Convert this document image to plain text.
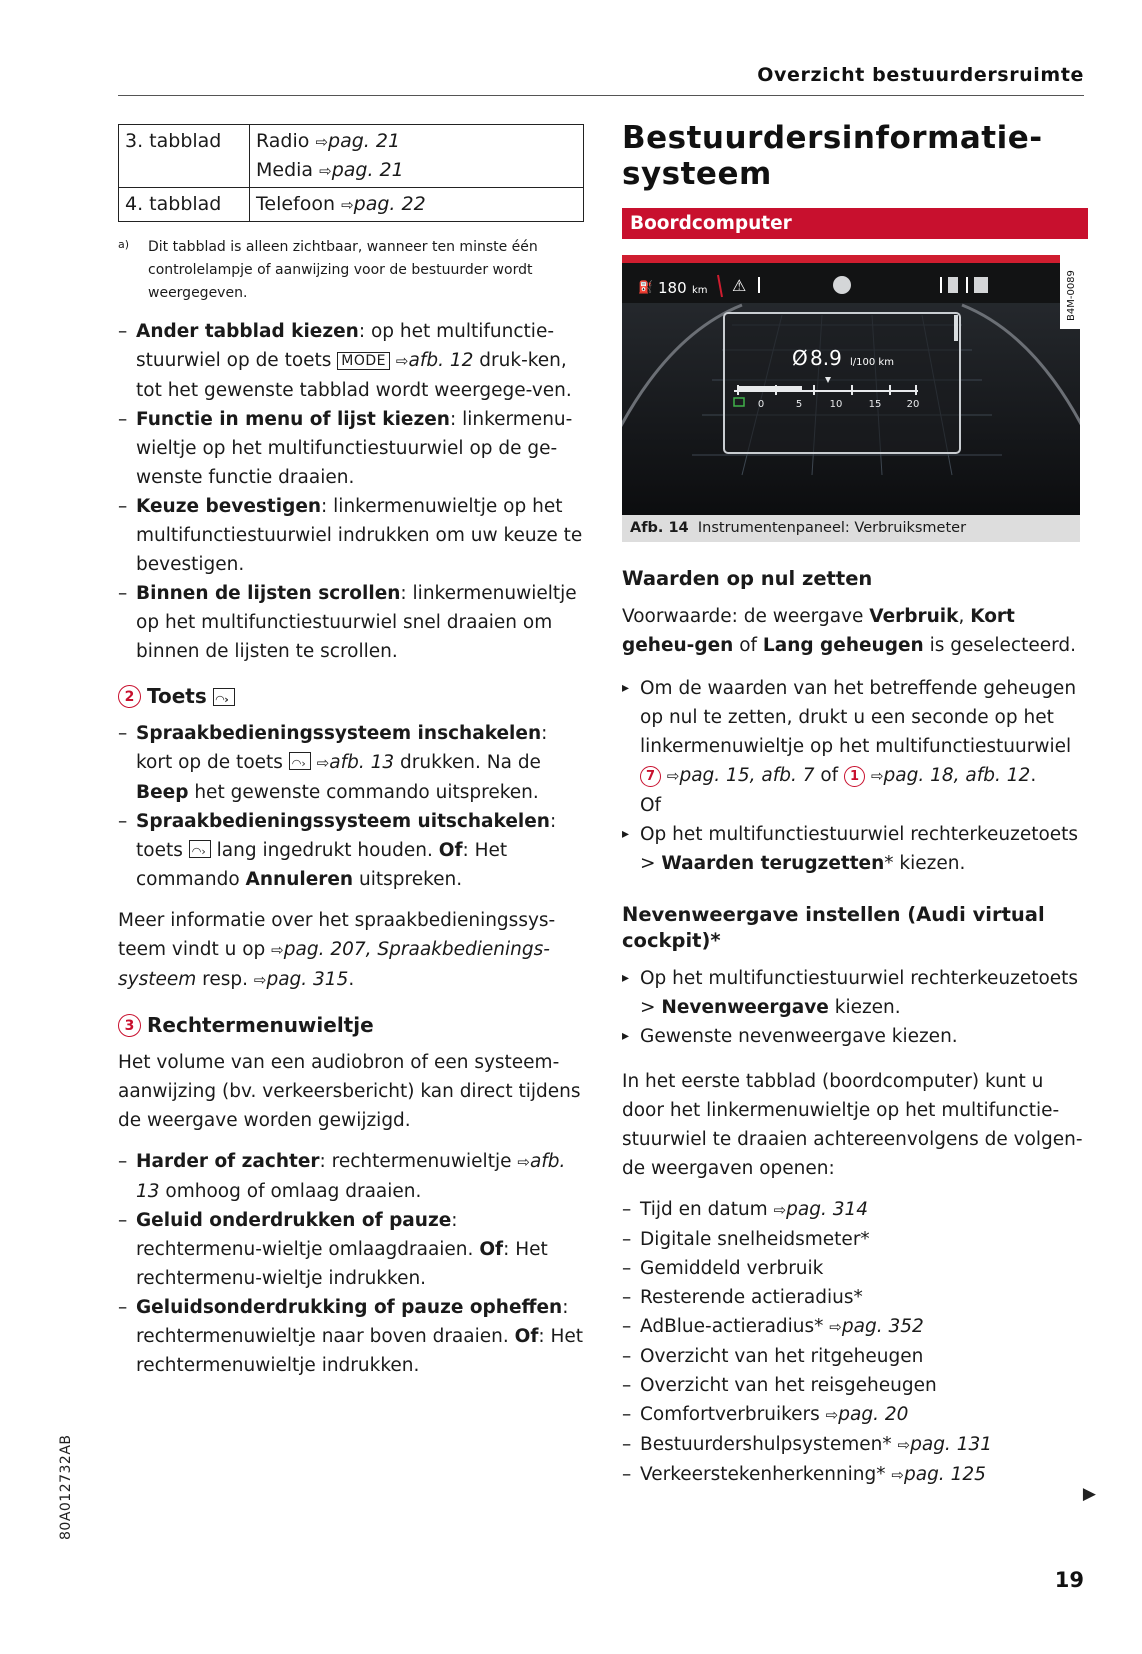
Overzicht bestuurdersruimte
80A012732AB
19
▶
3. tabblad	Radio ⇨pag. 21
Media ⇨pag. 21

4. tabblad	Telefoon ⇨pag. 22
a)	Dit tabblad is alleen zichtbaar, wanneer ten minste één controlelampje of aanwijzing voor de bestuurder wordt weergegeven.
– Ander tabblad kiezen: op het multifunctie-stuurwiel op de toets MODE ⇨afb. 12 druk-ken, tot het gewenste tabblad wordt weergege-ven.
– Functie in menu of lijst kiezen: linkermenu-wieltje op het multifunctiestuurwiel op de ge-wenste functie draaien.
– Keuze bevestigen: linkermenuwieltje op het multifunctiestuurwiel indrukken om uw keuze te bevestigen.
– Binnen de lijsten scrollen: linkermenuwieltje op het multifunctiestuurwiel snel draaien om binnen de lijsten te scrollen.
2 Toets
◠›
– Spraakbedieningssysteem inschakelen: kort op de toets ◠› ⇨afb. 13 drukken. Na de Beep het gewenste commando uitspreken.
– Spraakbedieningssysteem uitschakelen: toets ◠› lang ingedrukt houden. Of: Het commando Annuleren uitspreken.
Meer informatie over het spraakbedieningssys-teem vindt u op ⇨pag. 207, Spraakbedienings-systeem resp. ⇨pag. 315.
3 Rechtermenuwieltje
Het volume van een audiobron of een systeem-aanwijzing (bv. verkeersbericht) kan direct tijdens de weergave worden gewijzigd.
– Harder of zachter: rechtermenuwieltje ⇨afb. 13 omhoog of omlaag draaien.
– Geluid onderdrukken of pauze: rechtermenu-wieltje omlaagdraaien. Of: Het rechtermenu-wieltje indrukken.
– Geluidsonderdrukking of pauze opheffen: rechtermenuwieltje naar boven draaien. Of: Het rechtermenuwieltje indrukken.
Bestuurdersinformatie-
systeem
Boordcomputer
0	5	10	15	20
Ø 8.9 l/100 km
⛽ 180 km ⚠	B4M-0089
Afb. 14 Instrumentenpaneel: Verbruiksmeter
Waarden op nul zetten
Voorwaarde: de weergave Verbruik, Kort geheu-gen of Lang geheugen is geselecteerd.
▸ Om de waarden van het betreffende geheugen op nul te zetten, drukt u een seconde op het linkermenuwieltje op het multifunctiestuurwiel 7 ⇨pag. 15, afb. 7 of 1 ⇨pag. 18, afb. 12.
Of
▸ Op het multifunctiestuurwiel rechterkeuzetoets
> Waarden terugzetten* kiezen.
Nevenweergave instellen (Audi virtual cockpit)*
▸ Op het multifunctiestuurwiel rechterkeuzetoets
> Nevenweergave kiezen.
▸ Gewenste nevenweergave kiezen.
In het eerste tabblad (boordcomputer) kunt u door het linkermenuwieltje op het multifunctie-stuurwiel te draaien achtereenvolgens de volgen-de weergaven openen:
– Tijd en datum ⇨pag. 314
– Digitale snelheidsmeter*
– Gemiddeld verbruik
– Resterende actieradius*
– AdBlue-actieradius* ⇨pag. 352
– Overzicht van het ritgeheugen
– Overzicht van het reisgeheugen
– Comfortverbruikers ⇨pag. 20
– Bestuurdershulpsystemen* ⇨pag. 131
– Verkeerstekenherkenning* ⇨pag. 125
